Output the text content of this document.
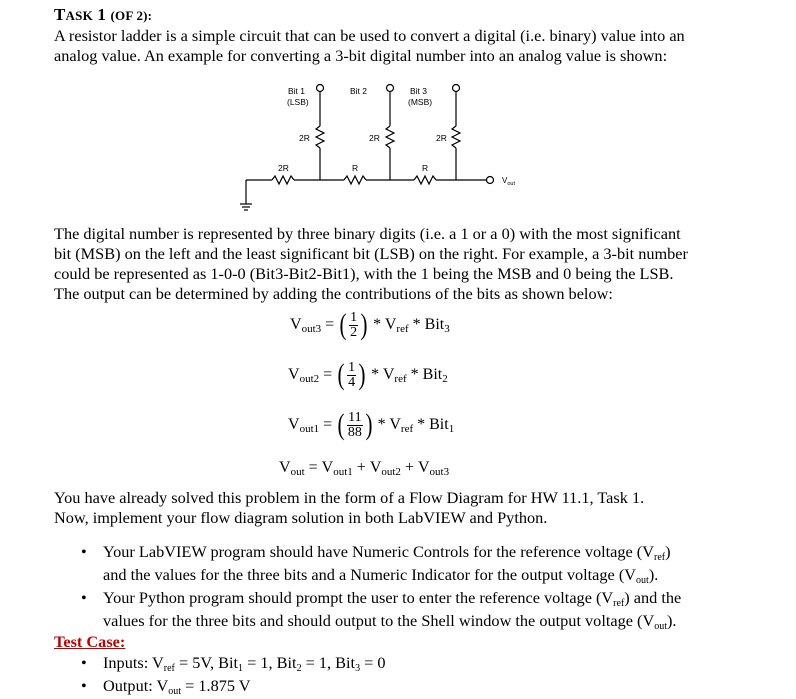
TASK 1 (OF 2):
A resistor ladder is a simple circuit that can be used to convert a digital (i.e. binary) value into an
analog value. An example for converting a 3-bit digital number into an analog value is shown:
Bit 1
(LSB)
Bit 2	Bit 3
(MSB)
2R	2R	2R
2R	R	R
$V_{out}$
The digital number is represented by three binary digits (i.e. a 1 or a 0) with the most significant
bit (MSB) on the left and the least significant bit (LSB) on the right. For example, a 3-bit number
could be represented as 1-0-0 (Bit3-Bit2-Bit1), with the 1 being the MSB and 0 being the LSB.
The output can be determined by adding the contributions of the bits as shown below:
V out3 = ( $\frac{1}{2}$ )
* V ref
* Bit 3
V out2 = ( $\frac{1}{4}$ )
* V ref
* Bit 2
V out1 = ( $\frac{11}{88}$ )
* V ref
* Bit 1
V out = V out1 + V out2 + V out3
You have already solved this problem in the form of a Flow Diagram for HW 11.1, Task 1.
Now, implement your flow diagram solution in both LabVIEW and Python.
• Your LabVIEW program should have Numeric Controls for the reference voltage (Vref)
and the values for the three bits and a Numeric Indicator for the output voltage (Vout).
• Your Python program should prompt the user to enter the reference voltage (Vref) and the
values for the three bits and should output to the Shell window the output voltage (Vout).
Test Case:
• Inputs: Vref = 5V, Bit1 = 1, Bit2 = 1, Bit3 = 0
• Output: Vout = 1.875 V
